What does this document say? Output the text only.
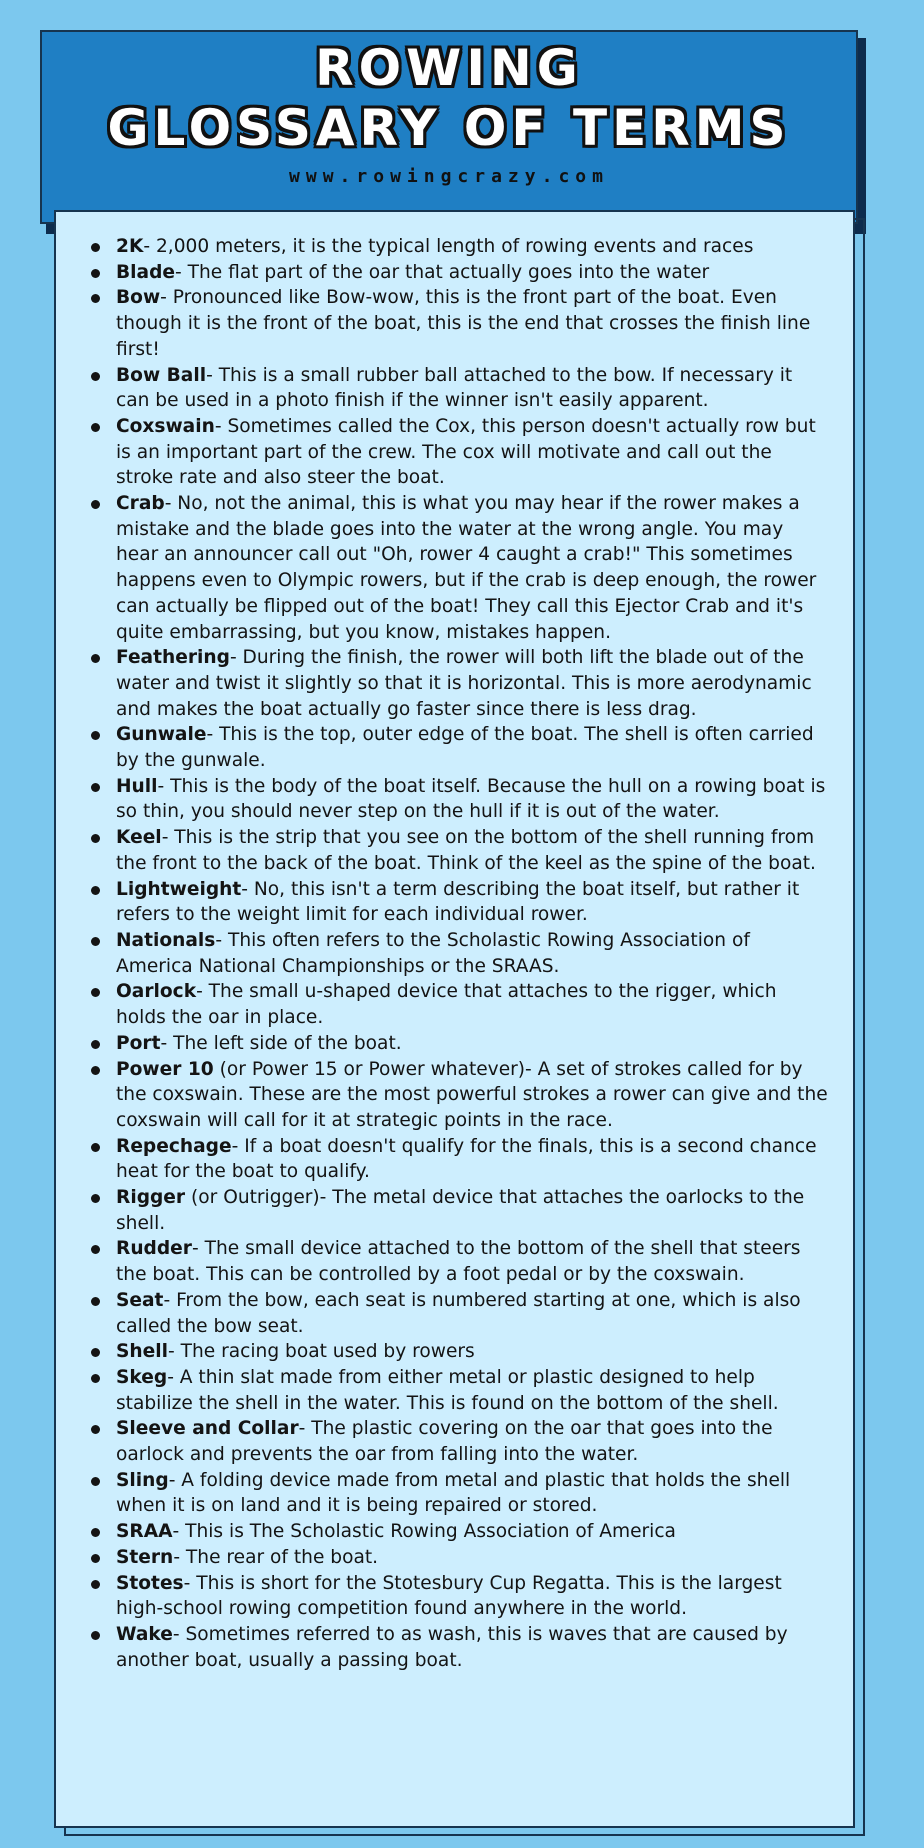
ROWING
GLOSSARY OF TERMS
www.rowingcrazy.com
2K- 2,000 meters, it is the typical length of rowing events and races
Blade- The flat part of the oar that actually goes into the water
Bow- Pronounced like Bow-wow, this is the front part of the boat. Even though it is the front of the boat, this is the end that crosses the finish line first!
Bow Ball- This is a small rubber ball attached to the bow. If necessary it can be used in a photo finish if the winner isn't easily apparent.
Coxswain- Sometimes called the Cox, this person doesn't actually row but is an important part of the crew. The cox will motivate and call out the stroke rate and also steer the boat.
Crab- No, not the animal, this is what you may hear if the rower makes a mistake and the blade goes into the water at the wrong angle. You may hear an announcer call out "Oh, rower 4 caught a crab!" This sometimes happens even to Olympic rowers, but if the crab is deep enough, the rower can actually be flipped out of the boat! They call this Ejector Crab and it's quite embarrassing, but you know, mistakes happen.
Feathering- During the finish, the rower will both lift the blade out of the water and twist it slightly so that it is horizontal. This is more aerodynamic and makes the boat actually go faster since there is less drag.
Gunwale- This is the top, outer edge of the boat. The shell is often carried by the gunwale.
Hull- This is the body of the boat itself. Because the hull on a rowing boat is so thin, you should never step on the hull if it is out of the water.
Keel- This is the strip that you see on the bottom of the shell running from the front to the back of the boat. Think of the keel as the spine of the boat.
Lightweight- No, this isn't a term describing the boat itself, but rather it refers to the weight limit for each individual rower.
Nationals- This often refers to the Scholastic Rowing Association of America National Championships or the SRAAS.
Oarlock- The small u-shaped device that attaches to the rigger, which holds the oar in place.
Port- The left side of the boat.
Power 10 (or Power 15 or Power whatever)- A set of strokes called for by the coxswain. These are the most powerful strokes a rower can give and the coxswain will call for it at strategic points in the race.
Repechage- If a boat doesn't qualify for the finals, this is a second chance heat for the boat to qualify.
Rigger (or Outrigger)- The metal device that attaches the oarlocks to the shell.
Rudder- The small device attached to the bottom of the shell that steers the boat. This can be controlled by a foot pedal or by the coxswain.
Seat- From the bow, each seat is numbered starting at one, which is also called the bow seat.
Shell- The racing boat used by rowers
Skeg- A thin slat made from either metal or plastic designed to help stabilize the shell in the water. This is found on the bottom of the shell.
Sleeve and Collar- The plastic covering on the oar that goes into the oarlock and prevents the oar from falling into the water.
Sling- A folding device made from metal and plastic that holds the shell when it is on land and it is being repaired or stored.
SRAA- This is The Scholastic Rowing Association of America
Stern- The rear of the boat.
Stotes- This is short for the Stotesbury Cup Regatta. This is the largest high-school rowing competition found anywhere in the world.
Wake- Sometimes referred to as wash, this is waves that are caused by another boat, usually a passing boat.
